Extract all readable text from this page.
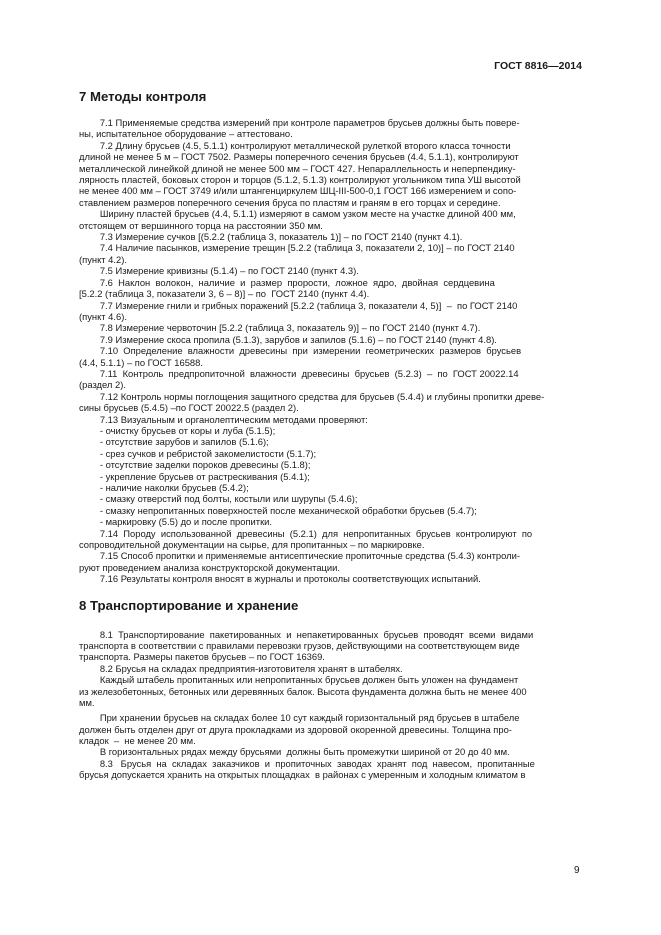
ГОСТ 8816—2014
7 Методы контроля

7.1 Применяемые средства измерений при контроле параметров брусьев должны быть повере-
ны, испытательное оборудование – аттестовано.

7.2 Длину брусьев (4.5, 5.1.1) контролируют металлической рулеткой второго класса точности
длиной не менее 5 м – ГОСТ 7502. Размеры поперечного сечения брусьев (4.4, 5.1.1), контролируют
металлической линейкой длиной не менее 500 мм – ГОСТ 427. Непараллельность и неперпендику-
лярность пластей, боковых сторон и торцов (5.1.2, 5.1.3) контролируют угольником типа УШ высотой
не менее 400 мм – ГОСТ 3749 и/или штангенциркулем ШЦ-III-500-0,1 ГОСТ 166 измерением и сопо-
ставлением размеров поперечного сечения бруса по пластям и граням в его торцах и середине.

Ширину пластей брусьев (4.4, 5.1.1) измеряют в самом узком месте на участке длиной 400 мм,
отстоящем от вершинного торца на расстоянии 350 мм.

7.3 Измерение сучков [(5.2.2 (таблица 3, показатель 1)] – по ГОСТ 2140 (пункт 4.1).

7.4 Наличие пасынков, измерение трещин [5.2.2 (таблица 3, показатели 2, 10)] – по ГОСТ 2140
(пункт 4.2).

7.5 Измерение кривизны (5.1.4) – по ГОСТ 2140 (пункт 4.3).

7.6  Наклон  волокон,  наличие  и  размер  прорости,  ложное  ядро,  двойная  сердцевина
[5.2.2 (таблица 3, показатели 3, 6 – 8)] – по  ГОСТ 2140 (пункт 4.4).

7.7 Измерение гнили и грибных поражений [5.2.2 (таблица 3, показатели 4, 5)]  –  по ГОСТ 2140
(пункт 4.6).

7.8 Измерение червоточин [5.2.2 (таблица 3, показатель 9)] – по ГОСТ 2140 (пункт 4.7).

7.9 Измерение скоса пропила (5.1.3), зарубов и запилов (5.1.6) – по ГОСТ 2140 (пункт 4.8).

7.10  Определение  влажности  древесины  при  измерении  геометрических  размеров  брусьев
(4.4, 5.1.1) – по ГОСТ 16588.

7.11  Контроль  предпропиточной  влажности  древесины  брусьев  (5.2.3)  –  по  ГОСТ 20022.14
(раздел 2).

7.12 Контроль нормы поглощения защитного средства для брусьев (5.4.4) и глубины пропитки древе-
сины брусьев (5.4.5) –по ГОСТ 20022.5 (раздел 2).

7.13 Визуальным и органолептическим методами проверяют:
- очистку брусьев от коры и луба (5.1.5);
- отсутствие зарубов и запилов (5.1.6);
- срез сучков и ребристой закомелистости (5.1.7);
- отсутствие заделки пороков древесины (5.1.8);
- укрепление брусьев от растрескивания (5.4.1);
- наличие наколки брусьев (5.4.2);
- смазку отверстий под болты, костыли или шурупы (5.4.6);
- смазку непропитанных поверхностей после механической обработки брусьев (5.4.7);
- маркировку (5.5) до и после пропитки.

7.14  Породу  использованной  древесины  (5.2.1)  для  непропитанных  брусьев  контролируют  по
сопроводительной документации на сырье, для пропитанных – по маркировке.

7.15 Способ пропитки и применяемые антисептические пропиточные средства (5.4.3) контроли-
руют проведением анализа конструкторской документации.

7.16 Результаты контроля вносят в журналы и протоколы соответствующих испытаний.

8 Транспортирование и хранение

8.1  Транспортирование  пакетированных  и  непакетированных  брусьев  проводят  всеми  видами
транспорта в соответствии с правилами перевозки грузов, действующими на соответствующем виде
транспорта. Размеры пакетов брусьев – по ГОСТ 16369.

8.2 Брусья на складах предприятия-изготовителя хранят в штабелях.

Каждый штабель пропитанных или непропитанных брусьев должен быть уложен на фундамент
из железобетонных, бетонных или деревянных балок. Высота фундамента должна быть не менее 400
мм.

При хранении брусьев на складах более 10 сут каждый горизонтальный ряд брусьев в штабеле
должен быть отделен друг от друга прокладками из здоровой окоренной древесины. Толщина про-
кладок  –  не менее 20 мм.

В горизонтальных рядах между брусьями  должны быть промежутки шириной от 20 до 40 мм.

8.3   Брусья  на  складах  заказчиков  и  пропиточных  заводах  хранят  под  навесом,  пропитанные
брусья допускается хранить на открытых площадках  в районах с умеренным и холодным климатом в

9
